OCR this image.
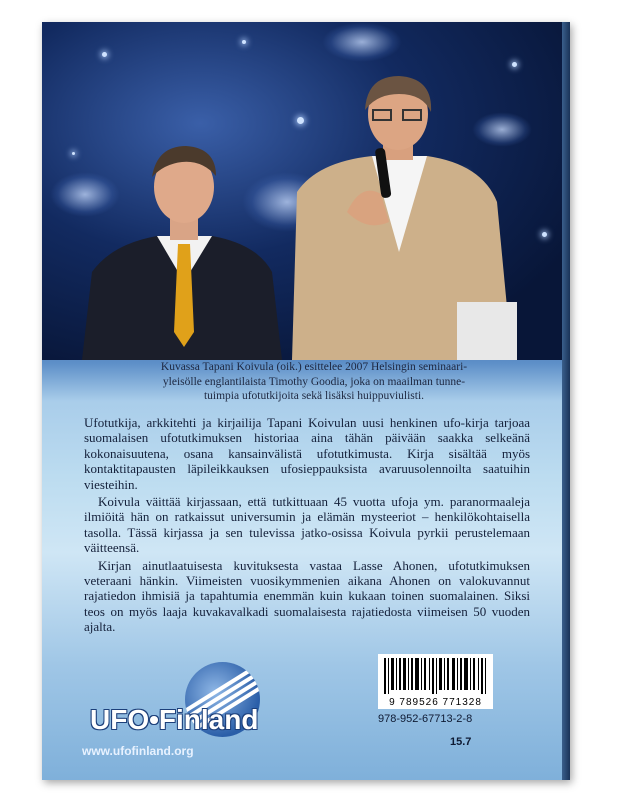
Kuvassa Tapani Koivula (oik.) esittelee 2007 Helsingin seminaari-
yleisölle englantilaista Timothy Goodia, joka on maailman tunne-
tuimpia ufotutkijoita sekä lisäksi huippuviulisti.

Ufotutkija, arkkitehti ja kirjailija Tapani Koivulan uusi henkinen ufo-kirja tarjoaa suomalaisen ufotutkimuksen historiaa aina tähän päivään saakka selkeänä kokonaisuutena, osana kansainvälistä ufotutkimusta. Kirja sisältää myös kontaktitapausten läpileikkauksen ufosieppauksista avaruusolennoilta saatuihin viesteihin.

Koivula väittää kirjassaan, että tutkittuaan 45 vuotta ufoja ym. paranormaaleja ilmiöitä hän on ratkaissut universumin ja elämän mysteeriot – henkilökohtaisella tasolla. Tässä kirjassa ja sen tulevissa jatko-osissa Koivula pyrkii perustelemaan väitteensä.

Kirjan ainutlaatuisesta kuvituksesta vastaa Lasse Ahonen, ufotutkimuksen veteraani hänkin. Viimeisten vuosikymmenien aikana Ahonen on valokuvannut rajatiedon ihmisiä ja tapahtumia enemmän kuin kukaan toinen suomalainen. Siksi teos on myös laaja kuvakavalkadi suomalaisesta rajatiedosta viimeisen 50 vuoden ajalta.

UFO•Finland
www.ufofinland.org
9 789526 771328
978-952-67713-2-8
15.7
